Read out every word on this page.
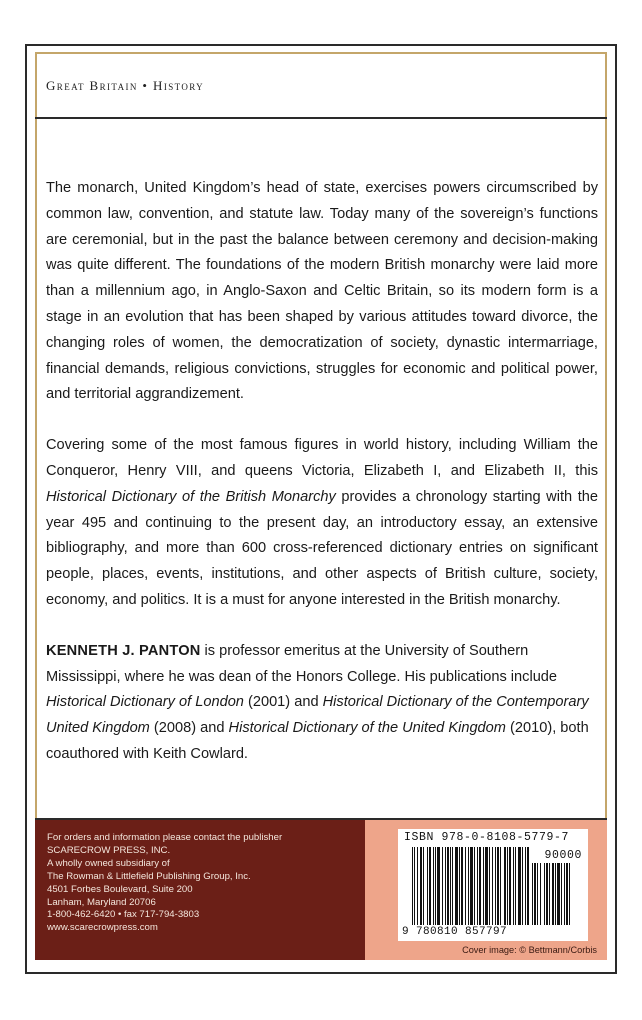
Great Britain • History

The monarch, United Kingdom’s head of state, exercises powers circumscribed by common law, convention, and statute law. Today many of the sovereign’s functions are ceremonial, but in the past the balance between ceremony and decision-making was quite different. The foundations of the modern British monarchy were laid more than a millennium ago, in Anglo-Saxon and Celtic Britain, so its modern form is a stage in an evolution that has been shaped by various attitudes toward divorce, the changing roles of women, the democratization of society, dynastic intermarriage, financial demands, religious convictions, struggles for economic and political power, and territorial aggrandizement.

Covering some of the most famous figures in world history, including William the Conqueror, Henry VIII, and queens Victoria, Elizabeth I, and Elizabeth II, this Historical Dictionary of the British Monarchy provides a chronology starting with the year 495 and continuing to the present day, an introductory essay, an extensive bibliography, and more than 600 cross-referenced dictionary entries on significant people, places, events, institutions, and other aspects of British culture, society, economy, and politics. It is a must for anyone interested in the British monarchy.

KENNETH J. PANTON is professor emeritus at the University of Southern Mississippi, where he was dean of the Honors College. His publications include Historical Dictionary of London (2001) and Historical Dictionary of the Contemporary United Kingdom (2008) and Historical Dictionary of the United Kingdom (2010), both coauthored with Keith Cowlard.

For orders and information please contact the publisher
SCARECROW PRESS, INC.
A wholly owned subsidiary of
The Rowman & Littlefield Publishing Group, Inc.
4501 Forbes Boulevard, Suite 200
Lanham, Maryland 20706
1-800-462-6420 • fax 717-794-3803
www.scarecrowpress.com
ISBN 978-0-8108-5779-7
90000
9 780810 857797
Cover image: © Bettmann/Corbis
